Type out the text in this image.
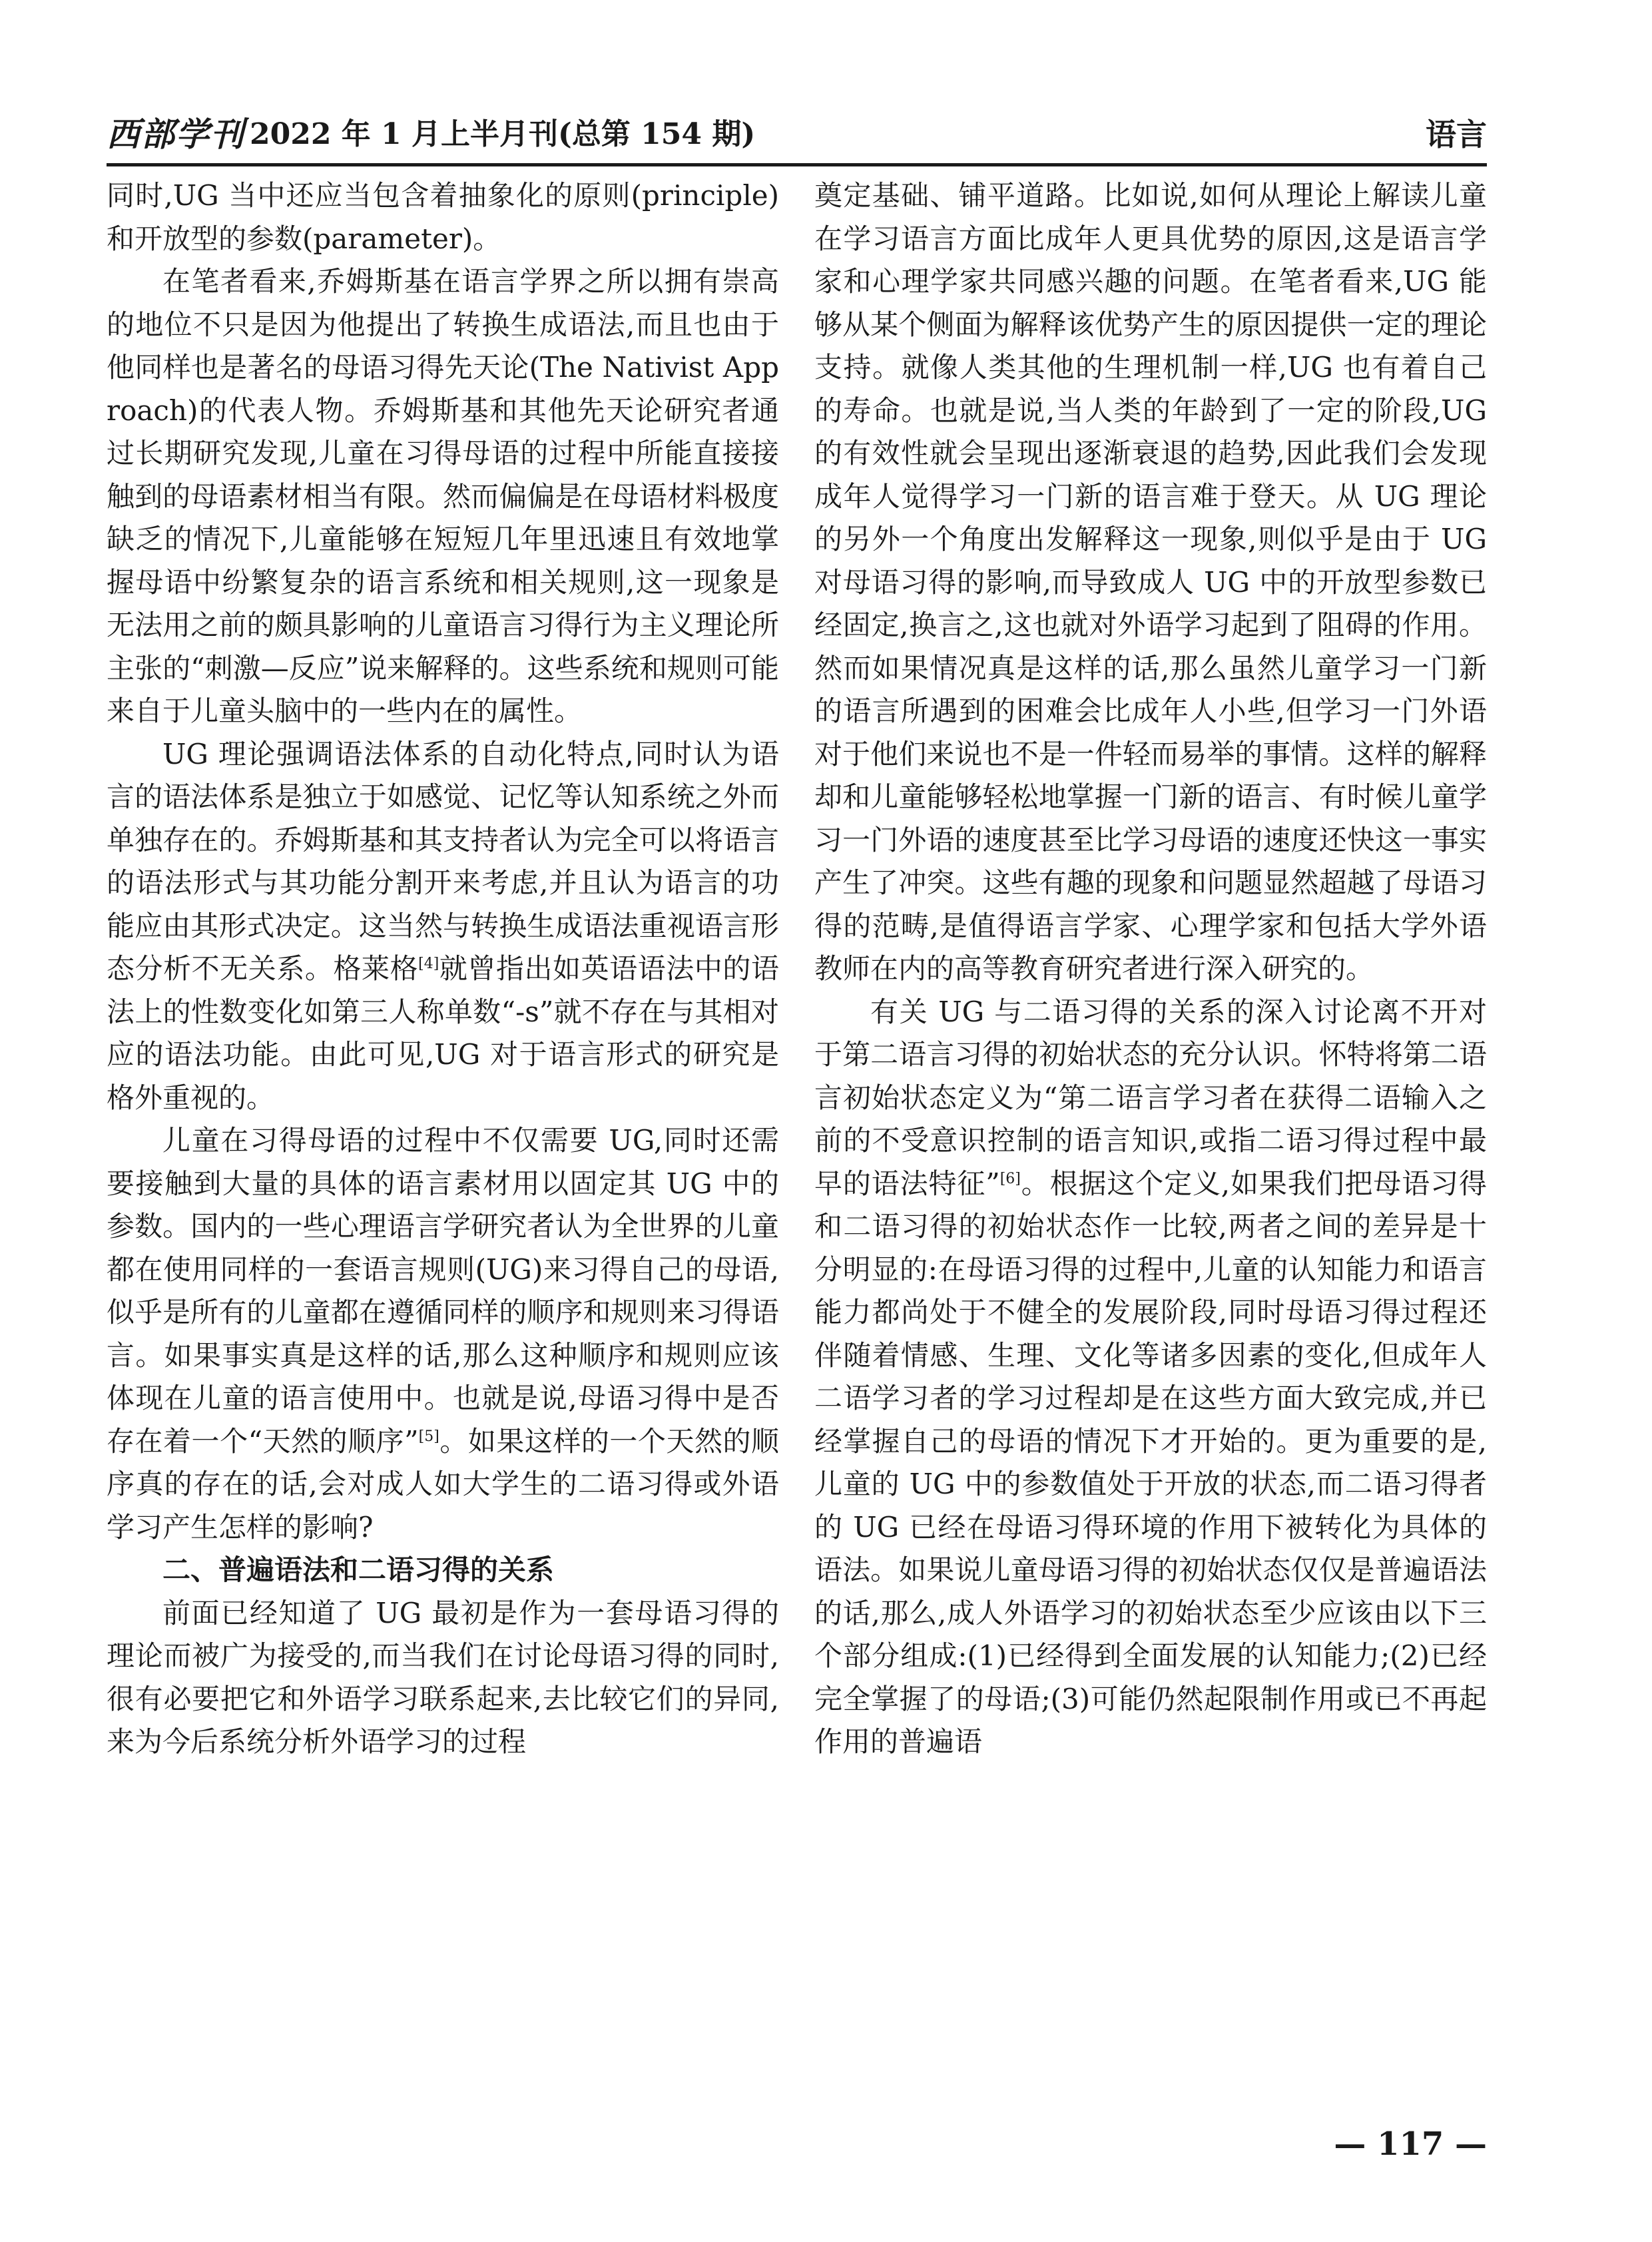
西部学刊 2022 年 1 月上半月刊(总第 154 期)	语言

同时,UG 当中还应当包含着抽象化的原则(principle)和开放型的参数(parameter)。

在笔者看来,乔姆斯基在语言学界之所以拥有崇高的地位不只是因为他提出了转换生成语法,而且也由于他同样也是著名的母语习得先天论(The Nativist Approach)的代表人物。乔姆斯基和其他先天论研究者通过长期研究发现,儿童在习得母语的过程中所能直接接触到的母语素材相当有限。然而偏偏是在母语材料极度缺乏的情况下,儿童能够在短短几年里迅速且有效地掌握母语中纷繁复杂的语言系统和相关规则,这一现象是无法用之前的颇具影响的儿童语言习得行为主义理论所主张的“刺激—反应”说来解释的。这些系统和规则可能来自于儿童头脑中的一些内在的属性。

UG 理论强调语法体系的自动化特点,同时认为语言的语法体系是独立于如感觉、记忆等认知系统之外而单独存在的。乔姆斯基和其支持者认为完全可以将语言的语法形式与其功能分割开来考虑,并且认为语言的功能应由其形式决定。这当然与转换生成语法重视语言形态分析不无关系。格莱格[4]就曾指出如英语语法中的语法上的性数变化如第三人称单数“-s”就不存在与其相对应的语法功能。由此可见,UG 对于语言形式的研究是格外重视的。

儿童在习得母语的过程中不仅需要 UG,同时还需要接触到大量的具体的语言素材用以固定其 UG 中的参数。国内的一些心理语言学研究者认为全世界的儿童都在使用同样的一套语言规则(UG)来习得自己的母语,似乎是所有的儿童都在遵循同样的顺序和规则来习得语言。如果事实真是这样的话,那么这种顺序和规则应该体现在儿童的语言使用中。也就是说,母语习得中是否存在着一个“天然的顺序”[5]。如果这样的一个天然的顺序真的存在的话,会对成人如大学生的二语习得或外语学习产生怎样的影响?

二、普遍语法和二语习得的关系

前面已经知道了 UG 最初是作为一套母语习得的理论而被广为接受的,而当我们在讨论母语习得的同时,很有必要把它和外语学习联系起来,去比较它们的异同,来为今后系统分析外语学习的过程

奠定基础、铺平道路。比如说,如何从理论上解读儿童在学习语言方面比成年人更具优势的原因,这是语言学家和心理学家共同感兴趣的问题。在笔者看来,UG 能够从某个侧面为解释该优势产生的原因提供一定的理论支持。就像人类其他的生理机制一样,UG 也有着自己的寿命。也就是说,当人类的年龄到了一定的阶段,UG 的有效性就会呈现出逐渐衰退的趋势,因此我们会发现成年人觉得学习一门新的语言难于登天。从 UG 理论的另外一个角度出发解释这一现象,则似乎是由于 UG 对母语习得的影响,而导致成人 UG 中的开放型参数已经固定,换言之,这也就对外语学习起到了阻碍的作用。然而如果情况真是这样的话,那么虽然儿童学习一门新的语言所遇到的困难会比成年人小些,但学习一门外语对于他们来说也不是一件轻而易举的事情。这样的解释却和儿童能够轻松地掌握一门新的语言、有时候儿童学习一门外语的速度甚至比学习母语的速度还快这一事实产生了冲突。这些有趣的现象和问题显然超越了母语习得的范畴,是值得语言学家、心理学家和包括大学外语教师在内的高等教育研究者进行深入研究的。

有关 UG 与二语习得的关系的深入讨论离不开对于第二语言习得的初始状态的充分认识。怀特将第二语言初始状态定义为“第二语言学习者在获得二语输入之前的不受意识控制的语言知识,或指二语习得过程中最早的语法特征”[6]。根据这个定义,如果我们把母语习得和二语习得的初始状态作一比较,两者之间的差异是十分明显的:在母语习得的过程中,儿童的认知能力和语言能力都尚处于不健全的发展阶段,同时母语习得过程还伴随着情感、生理、文化等诸多因素的变化,但成年人二语学习者的学习过程却是在这些方面大致完成,并已经掌握自己的母语的情况下才开始的。更为重要的是,儿童的 UG 中的参数值处于开放的状态,而二语习得者的 UG 已经在母语习得环境的作用下被转化为具体的语法。如果说儿童母语习得的初始状态仅仅是普遍语法的话,那么,成人外语学习的初始状态至少应该由以下三个部分组成:(1)已经得到全面发展的认知能力;(2)已经完全掌握了的母语;(3)可能仍然起限制作用或已不再起作用的普遍语

— 117 —
